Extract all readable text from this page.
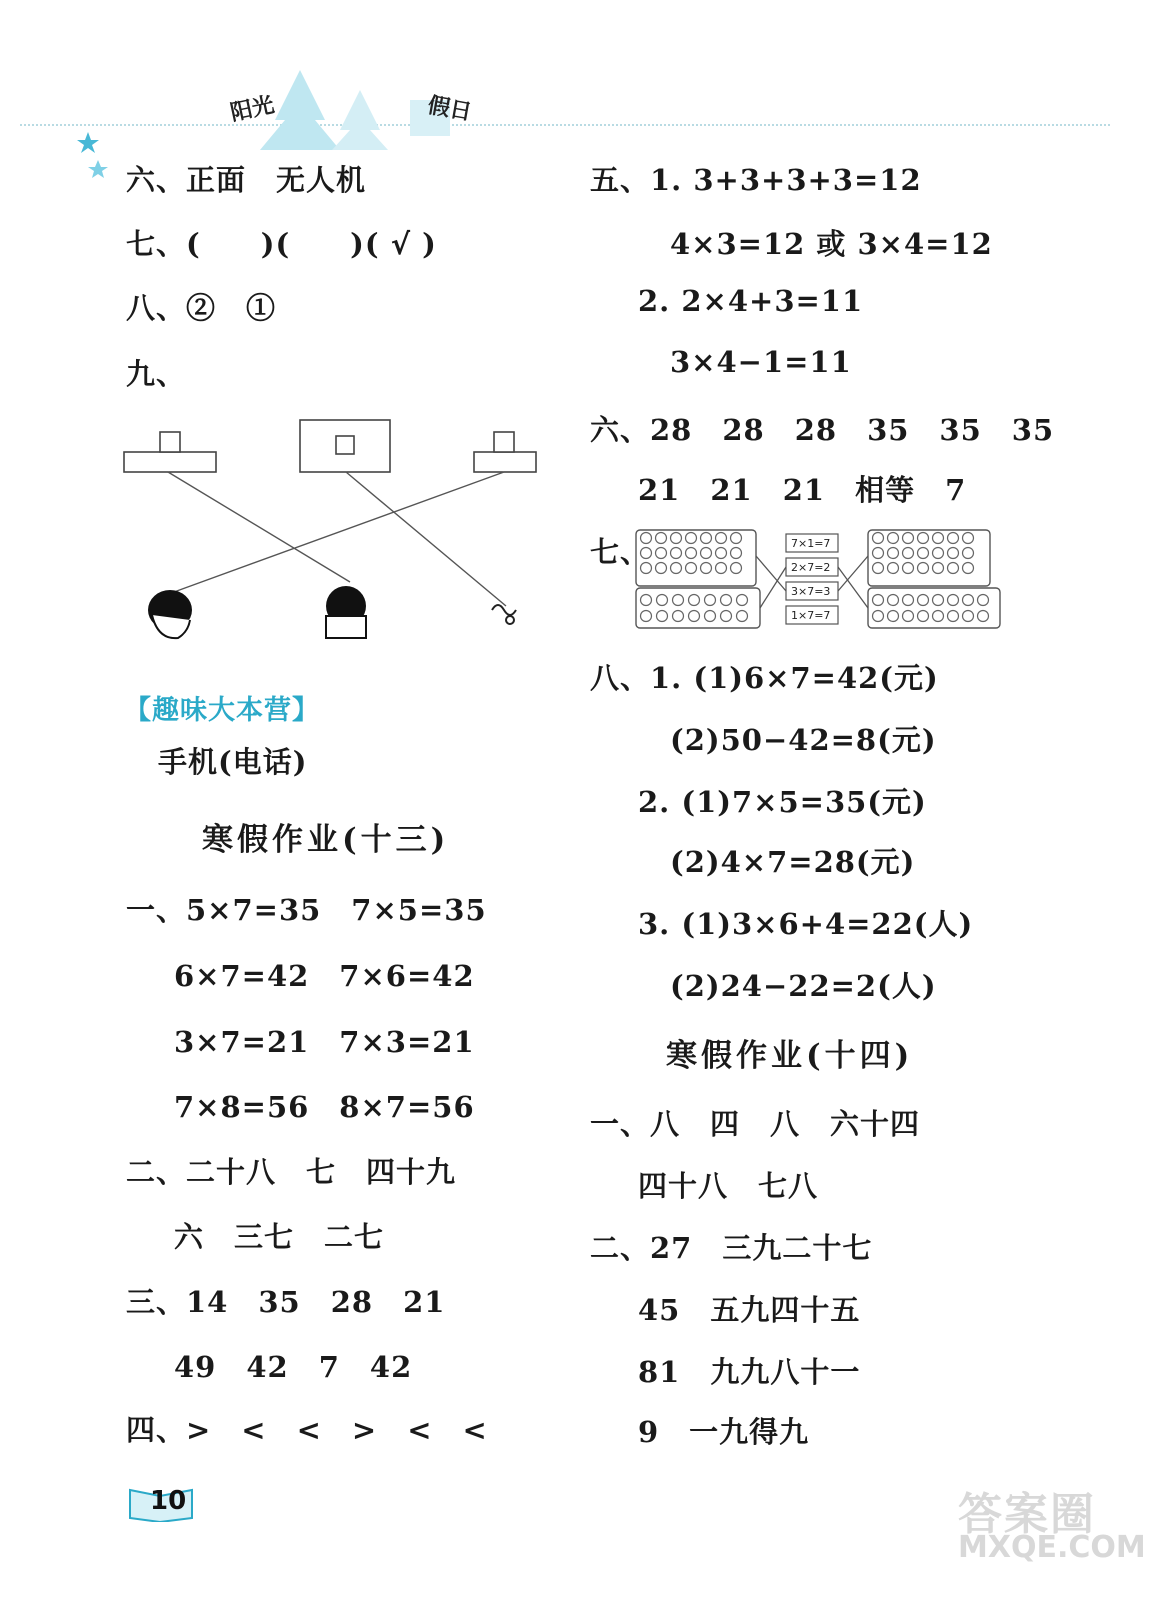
阳光	假日
六、正面　无人机
七、(　　)(　　)( √ )
八、②　①
九、
【趣味大本营】
手机(电话)
寒假作业(十三)
一、5×7=35　7×5=35
6×7=42　7×6=42
3×7=21　7×3=21
7×8=56　8×7=56
二、二十八　七　四十九
六　三七　二七
三、14　35　28　21
49　42　7　42
四、>　<　<　>　<　<
10
五、1. 3+3+3+3=12
4×3=12 或 3×4=12
2. 2×4+3=11
3×4−1=11
六、28　28　28　35　35　35
21　21　21　相等　7
七、	7×1=7
2×7=2
3×7=3
1×7=7
八、1. (1)6×7=42(元)
(2)50−42=8(元)
2. (1)7×5=35(元)
(2)4×7=28(元)
3. (1)3×6+4=22(人)
(2)24−22=2(人)
寒假作业(十四)
一、八　四　八　六十四
四十八　七八
二、27　三九二十七
45　五九四十五
81　九九八十一
9　一九得九
答案圈
MXQE.COM
